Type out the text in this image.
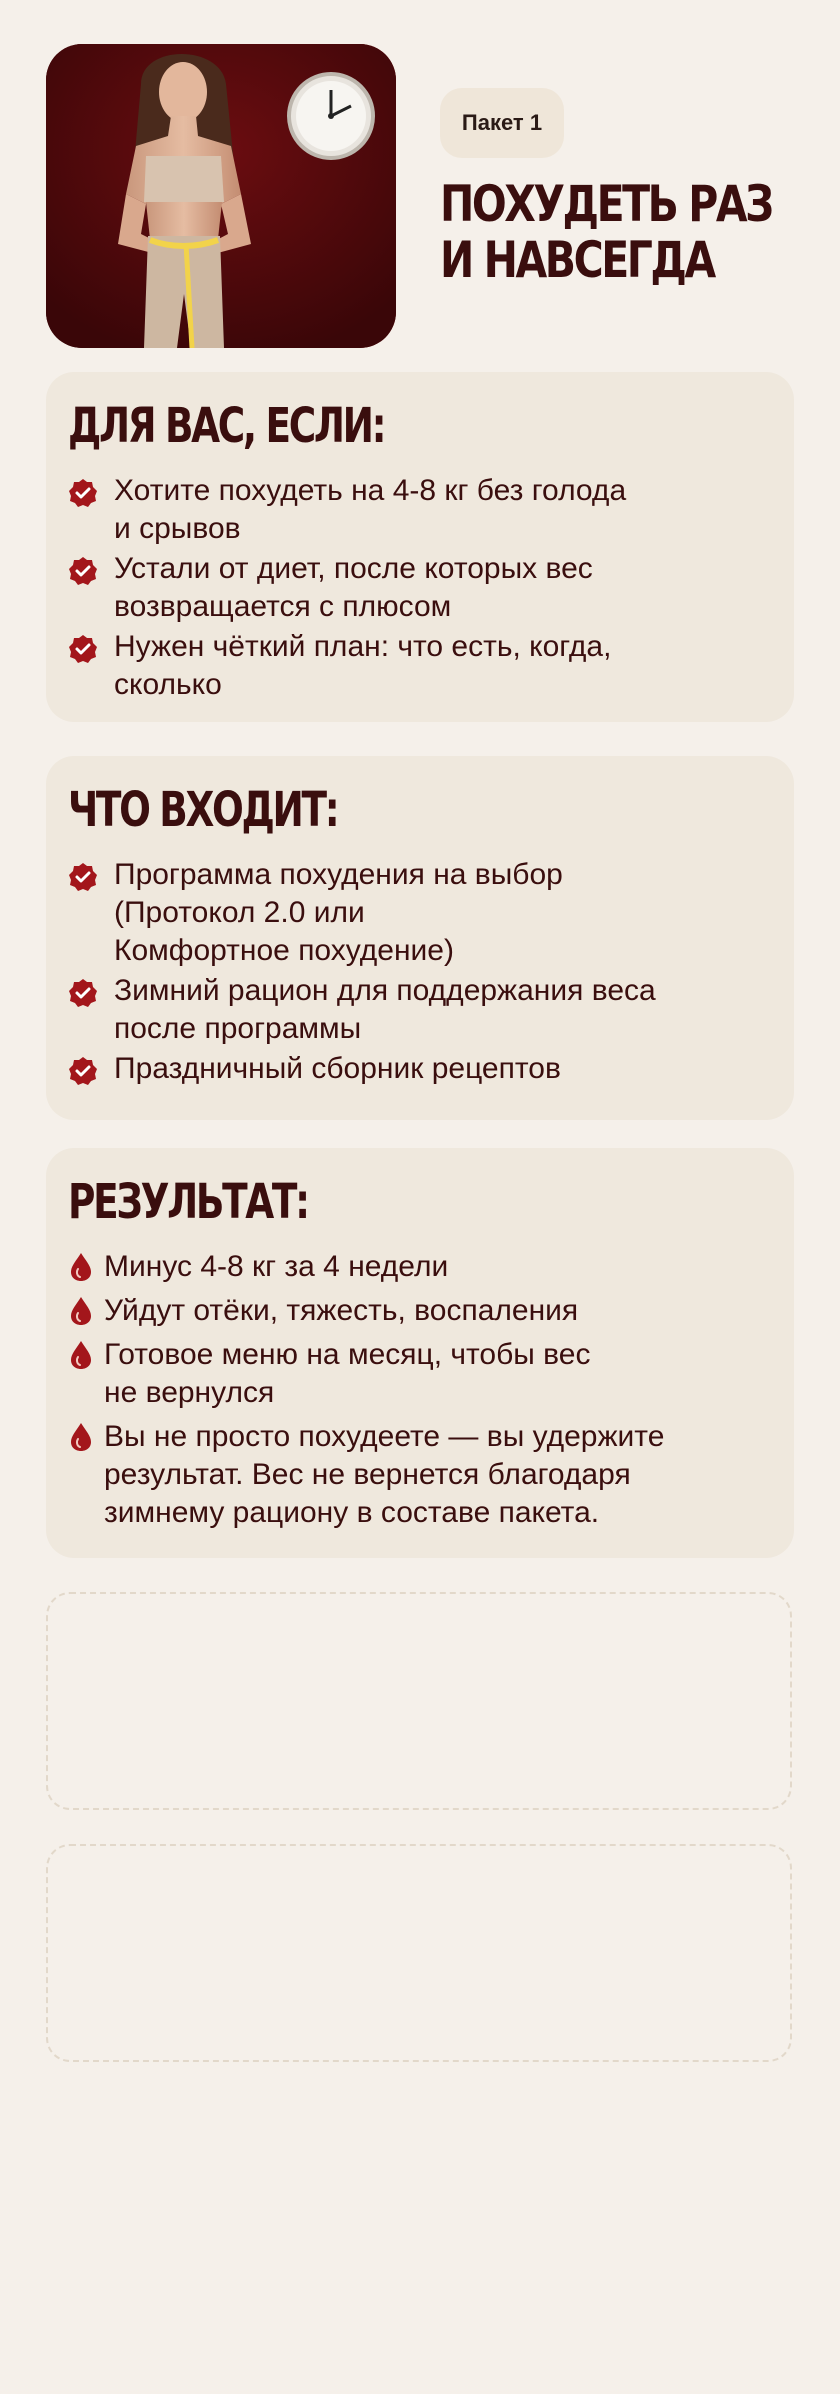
Пакет 1
ПОХУДЕТЬ РАЗ
И НАВСЕГДА
ДЛЯ ВАС, ЕСЛИ:
Хотите похудеть на 4-8 кг без голода
и срывов
Устали от диет, после которых вес
возвращается с плюсом
Нужен чёткий план: что есть, когда,
сколько
ЧТО ВХОДИТ:
Программа похудения на выбор
(Протокол 2.0 или
Комфортное похудение)
Зимний рацион для поддержания веса
после программы
Праздничный сборник рецептов
РЕЗУЛЬТАТ:
Минус 4-8 кг за 4 недели
Уйдут отёки, тяжесть, воспаления
Готовое меню на месяц, чтобы вес
не вернулся
Вы не просто похудеете — вы удержите
результат. Вес не вернется благодаря
зимнему рациону в составе пакета.
